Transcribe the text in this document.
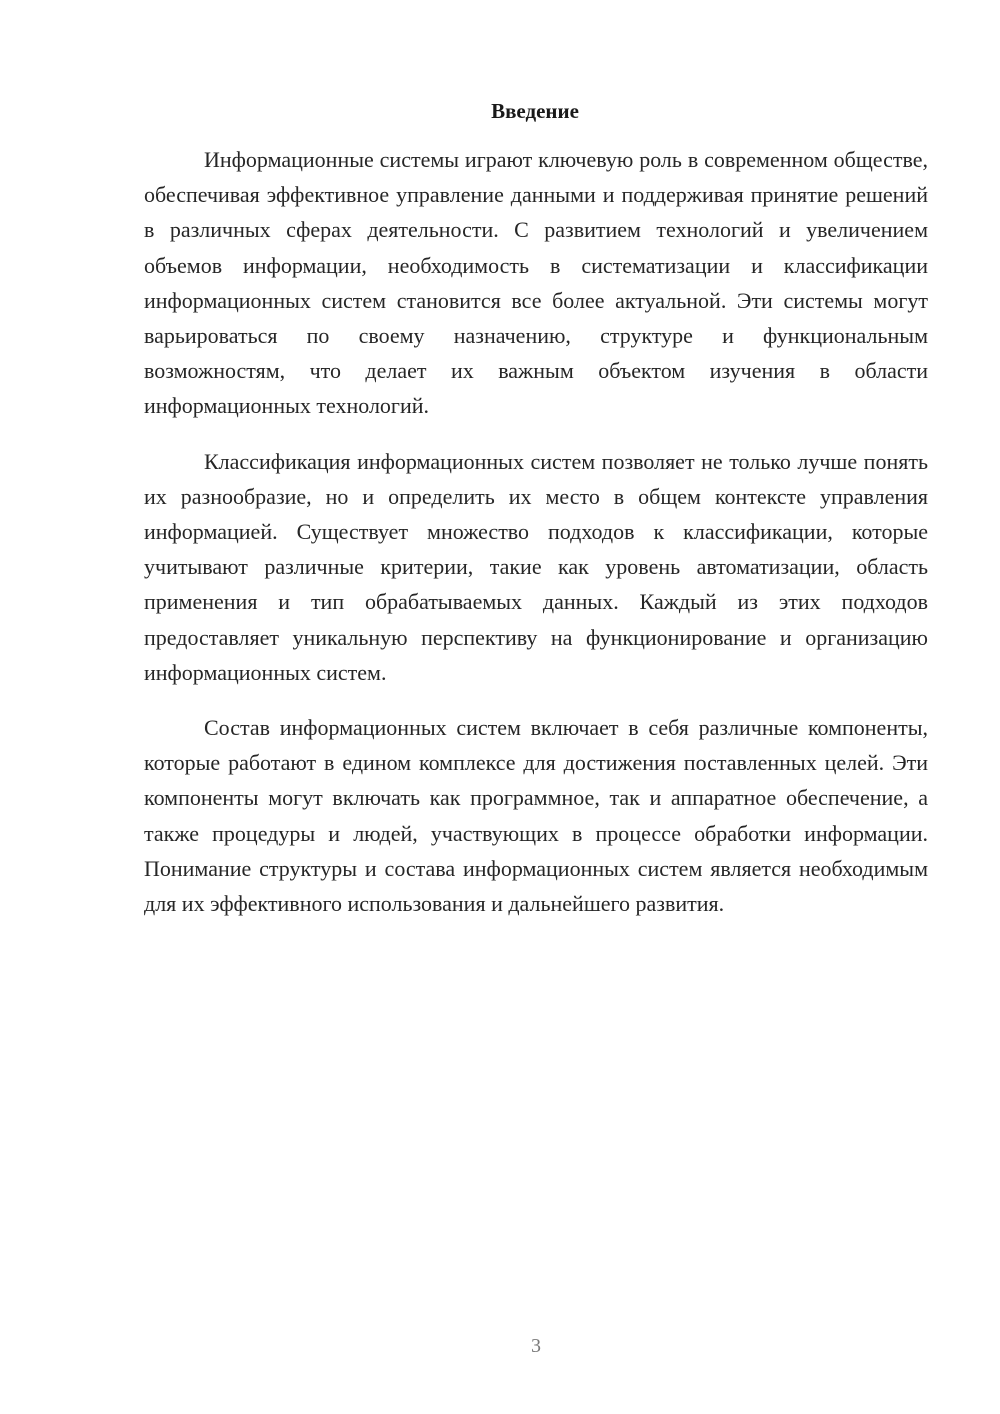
Введение

Информационные системы играют ключевую роль в современном обществе, обеспечивая эффективное управление данными и поддерживая принятие решений в различных сферах деятельности. С развитием технологий и увеличением объемов информации, необходимость в систематизации и классификации информационных систем становится все более актуальной. Эти системы могут варьироваться по своему назначению, структуре и функциональным возможностям, что делает их важным объектом изучения в области информационных технологий.

Классификация информационных систем позволяет не только лучше понять их разнообразие, но и определить их место в общем контексте управления информацией. Существует множество подходов к классификации, которые учитывают различные критерии, такие как уровень автоматизации, область применения и тип обрабатываемых данных. Каждый из этих подходов предоставляет уникальную перспективу на функционирование и организацию информационных систем.

Состав информационных систем включает в себя различные компоненты, которые работают в едином комплексе для достижения поставленных целей. Эти компоненты могут включать как программное, так и аппаратное обеспечение, а также процедуры и людей, участвующих в процессе обработки информации. Понимание структуры и состава информационных систем является необходимым для их эффективного использования и дальнейшего развития.

3
